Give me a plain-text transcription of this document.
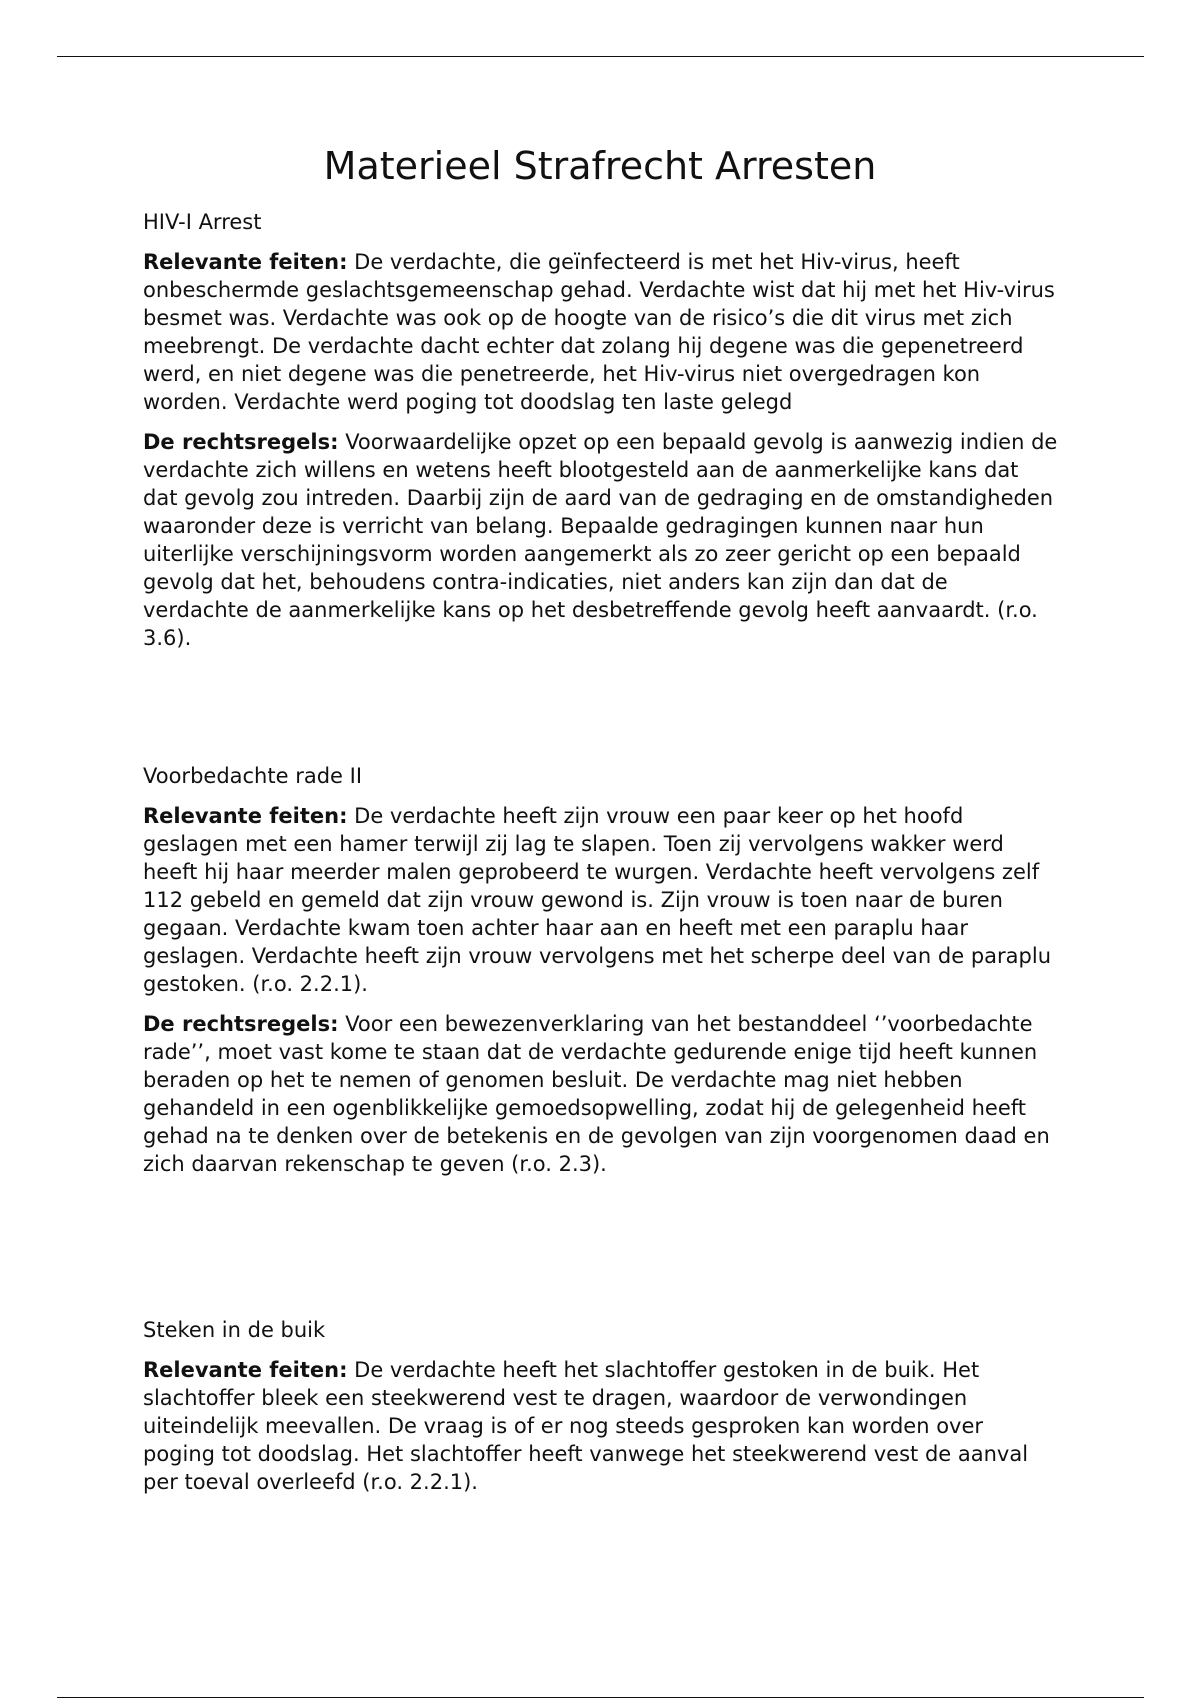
Materieel Strafrecht Arresten
HIV-I Arrest

Relevante feiten: De verdachte, die geïnfecteerd is met het Hiv-virus, heeft onbeschermde geslachtsgemeenschap gehad. Verdachte wist dat hij met het Hiv-virus besmet was. Verdachte was ook op de hoogte van de risico’s die dit virus met zich meebrengt. De verdachte dacht echter dat zolang hij degene was die gepenetreerd werd, en niet degene was die penetreerde, het Hiv-virus niet overgedragen kon worden. Verdachte werd poging tot doodslag ten laste gelegd

De rechtsregels: Voorwaardelijke opzet op een bepaald gevolg is aanwezig indien de verdachte zich willens en wetens heeft blootgesteld aan de aanmerkelijke kans dat dat gevolg zou intreden. Daarbij zijn de aard van de gedraging en de omstandigheden waaronder deze is verricht van belang. Bepaalde gedragingen kunnen naar hun uiterlijke verschijningsvorm worden aangemerkt als zo zeer gericht op een bepaald gevolg dat het, behoudens contra-indicaties, niet anders kan zijn dan dat de verdachte de aanmerkelijke kans op het desbetreffende gevolg heeft aanvaardt. (r.o. 3.6).

Voorbedachte rade II

Relevante feiten: De verdachte heeft zijn vrouw een paar keer op het hoofd geslagen met een hamer terwijl zij lag te slapen. Toen zij vervolgens wakker werd heeft hij haar meerder malen geprobeerd te wurgen. Verdachte heeft vervolgens zelf 112 gebeld en gemeld dat zijn vrouw gewond is. Zijn vrouw is toen naar de buren gegaan. Verdachte kwam toen achter haar aan en heeft met een paraplu haar geslagen. Verdachte heeft zijn vrouw vervolgens met het scherpe deel van de paraplu gestoken. (r.o. 2.2.1).

De rechtsregels: Voor een bewezenverklaring van het bestanddeel ‘’voorbedachte rade’’, moet vast kome te staan dat de verdachte gedurende enige tijd heeft kunnen beraden op het te nemen of genomen besluit. De verdachte mag niet hebben gehandeld in een ogenblikkelijke gemoedsopwelling, zodat hij de gelegenheid heeft gehad na te denken over de betekenis en de gevolgen van zijn voorgenomen daad en zich daarvan rekenschap te geven (r.o. 2.3).

Steken in de buik

Relevante feiten: De verdachte heeft het slachtoffer gestoken in de buik. Het slachtoffer bleek een steekwerend vest te dragen, waardoor de verwondingen uiteindelijk meevallen. De vraag is of er nog steeds gesproken kan worden over poging tot doodslag. Het slachtoffer heeft vanwege het steekwerend vest de aanval per toeval overleefd (r.o. 2.2.1).
